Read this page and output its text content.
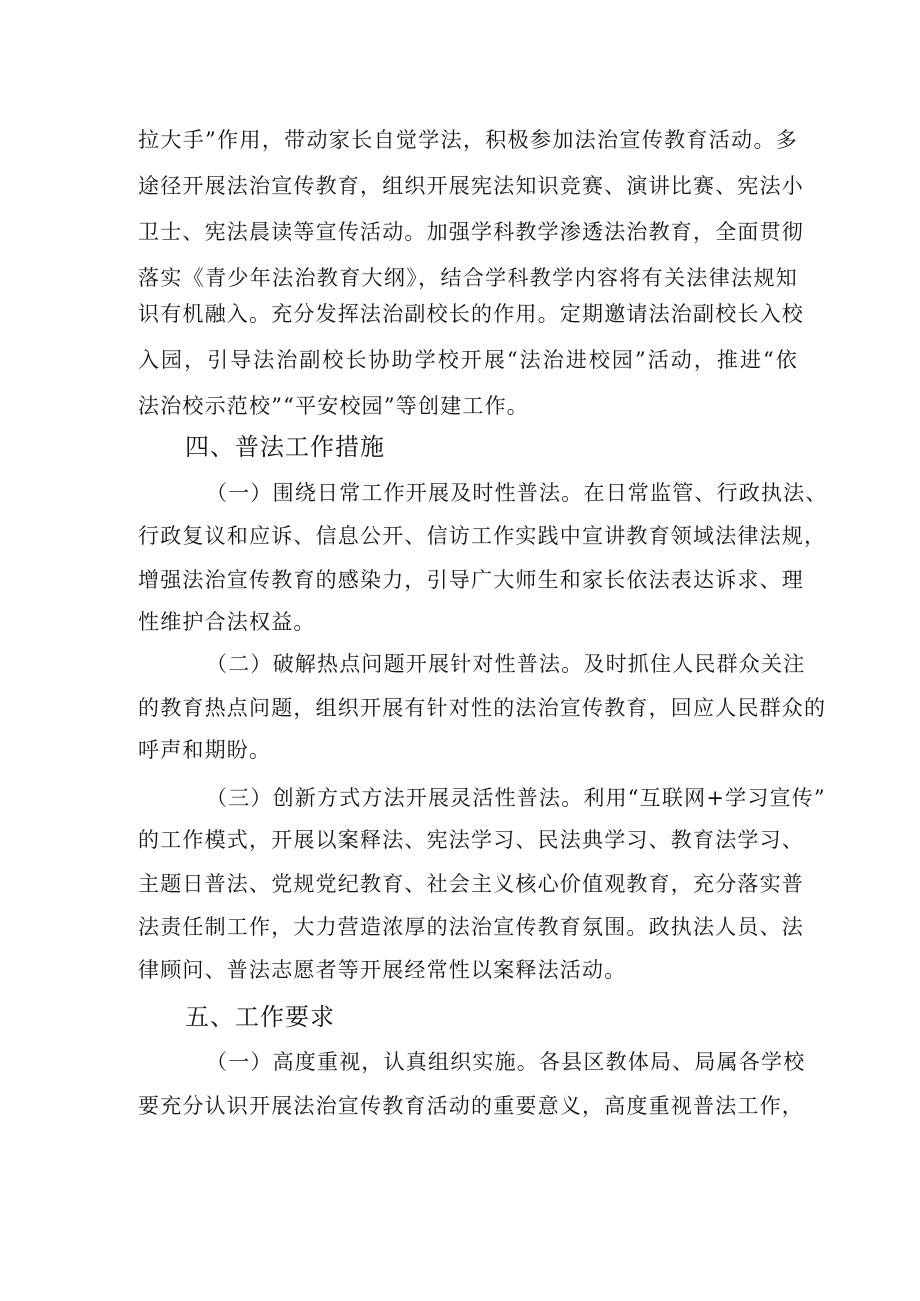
拉大手”作用，带动家长自觉学法，积极参加法治宣传教育活动。多
途径开展法治宣传教育，组织开展宪法知识竞赛、演讲比赛、宪法小
卫士、宪法晨读等宣传活动。加强学科教学渗透法治教育，全面贯彻
落实《青少年法治教育大纲》，结合学科教学内容将有关法律法规知
识有机融入。充分发挥法治副校长的作用。定期邀请法治副校长入校
入园，引导法治副校长协助学校开展“法治进校园”活动，推进“依
法治校示范校”“平安校园”等创建工作。
四、普法工作措施
（一）围绕日常工作开展及时性普法。在日常监管、行政执法、
行政复议和应诉、信息公开、信访工作实践中宣讲教育领域法律法规，
增强法治宣传教育的感染力，引导广大师生和家长依法表达诉求、理
性维护合法权益。
（二）破解热点问题开展针对性普法。及时抓住人民群众关注
的教育热点问题，组织开展有针对性的法治宣传教育，回应人民群众的
呼声和期盼。
（三）创新方式方法开展灵活性普法。利用“互联网+学习宣传”
的工作模式，开展以案释法、宪法学习、民法典学习、教育法学习、
主题日普法、党规党纪教育、社会主义核心价值观教育，充分落实普
法责任制工作，大力营造浓厚的法治宣传教育氛围。政执法人员、法
律顾问、普法志愿者等开展经常性以案释法活动。
五、工作要求
（一）高度重视，认真组织实施。各县区教体局、局属各学校
要充分认识开展法治宣传教育活动的重要意义，高度重视普法工作，
